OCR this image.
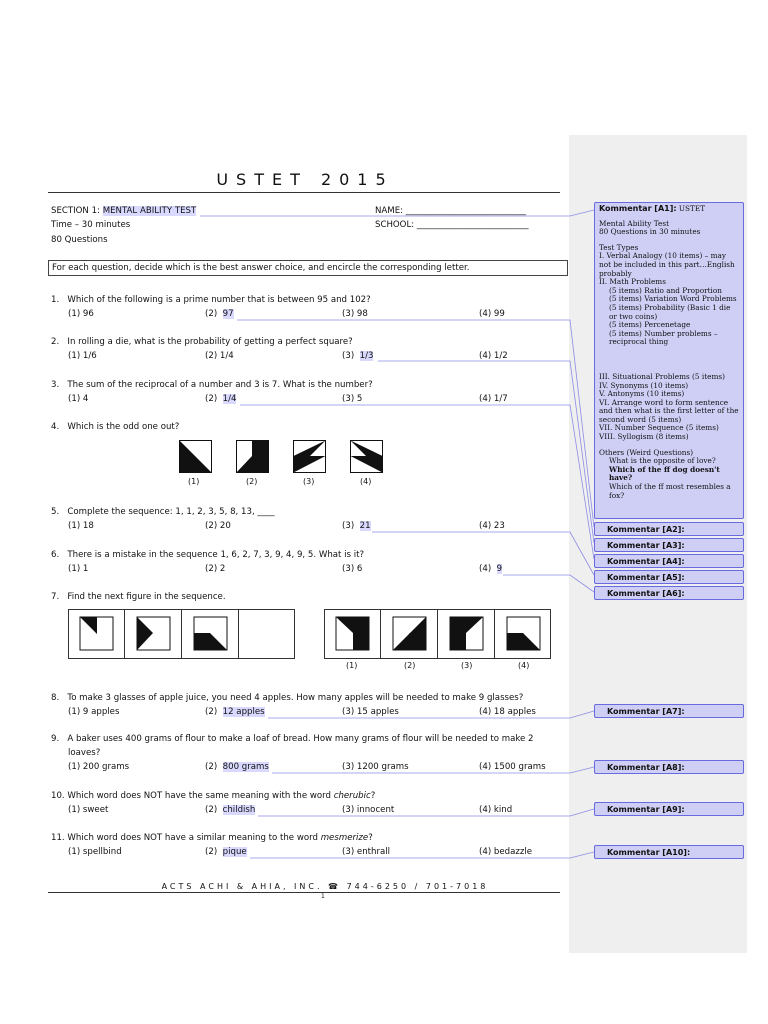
USTET 2015
SECTION 1: MENTAL ABILITY TEST
Time – 30 minutes
80 Questions
NAME: ____________________________
SCHOOL: __________________________
For each question, decide which is the best answer choice, and encircle the corresponding letter.
1. Which of the following is a prime number that is between 95 and 102?
(1) 96	(2)  97	(3) 98	(4) 99
2. In rolling a die, what is the probability of getting a perfect square?
(1) 1/6	(2) 1/4	(3)  1/3	(4) 1/2
3. The sum of the reciprocal of a number and 3 is 7. What is the number?
(1) 4	(2)  1/4	(3) 5	(4) 1/7
4. Which is the odd one out?
(1)	(2)	(3)	(4)
5. Complete the sequence: 1, 1, 2, 3, 5, 8, 13, ____
(1) 18	(2) 20	(3)  21	(4) 23
6. There is a mistake in the sequence 1, 6, 2, 7, 3, 9, 4, 9, 5. What is it?
(1) 1	(2) 2	(3) 6	(4)  9
7. Find the next figure in the sequence.
(1)	(2)	(3)	(4)
8. To make 3 glasses of apple juice, you need 4 apples. How many apples will be needed to make 9 glasses?
(1) 9 apples	(2)  12 apples	(3) 15 apples	(4) 18 apples
9. A baker uses 400 grams of flour to make a loaf of bread. How many grams of flour will be needed to make 2
loaves?
(1) 200 grams	(2)  800 grams	(3) 1200 grams	(4) 1500 grams
10. Which word does NOT have the same meaning with the word cherubic?
(1) sweet	(2)  childish	(3) innocent	(4) kind
11. Which word does NOT have a similar meaning to the word mesmerize?
(1) spellbind	(2)  pique	(3) enthrall	(4) bedazzle
ACTS ACHI & AHIA, INC. ☎ 744-6250 / 701-7018
1
Kommentar [A1]: USTET
Mental Ability Test
80 Questions in 30 minutes
Test Types
I. Verbal Analogy (10 items) – may not be included in this part…English probably
II. Math Problems
(5 items) Ratio and Proportion
(5 items) Variation Word Problems
(5 items) Probability (Basic 1 die or two coins)
(5 items) Percenetage
(5 items) Number problems – reciprocal thing
III. Situational Problems (5 items)
IV. Synonyms (10 items)
V. Antonyms (10 items)
VI. Arrange word to form sentence and then what is the first letter of the second word (5 items)
VII. Number Sequence (5 items)
VIII. Syllogism (8 items)
Others (Weird Questions)
What is the opposite of love?
Which of the ff dog doesn't have?
Which of the ff most resembles a fox?
Kommentar [A2]:
Kommentar [A3]:
Kommentar [A4]:
Kommentar [A5]:
Kommentar [A6]:
Kommentar [A7]:
Kommentar [A8]:
Kommentar [A9]:
Kommentar [A10]:
